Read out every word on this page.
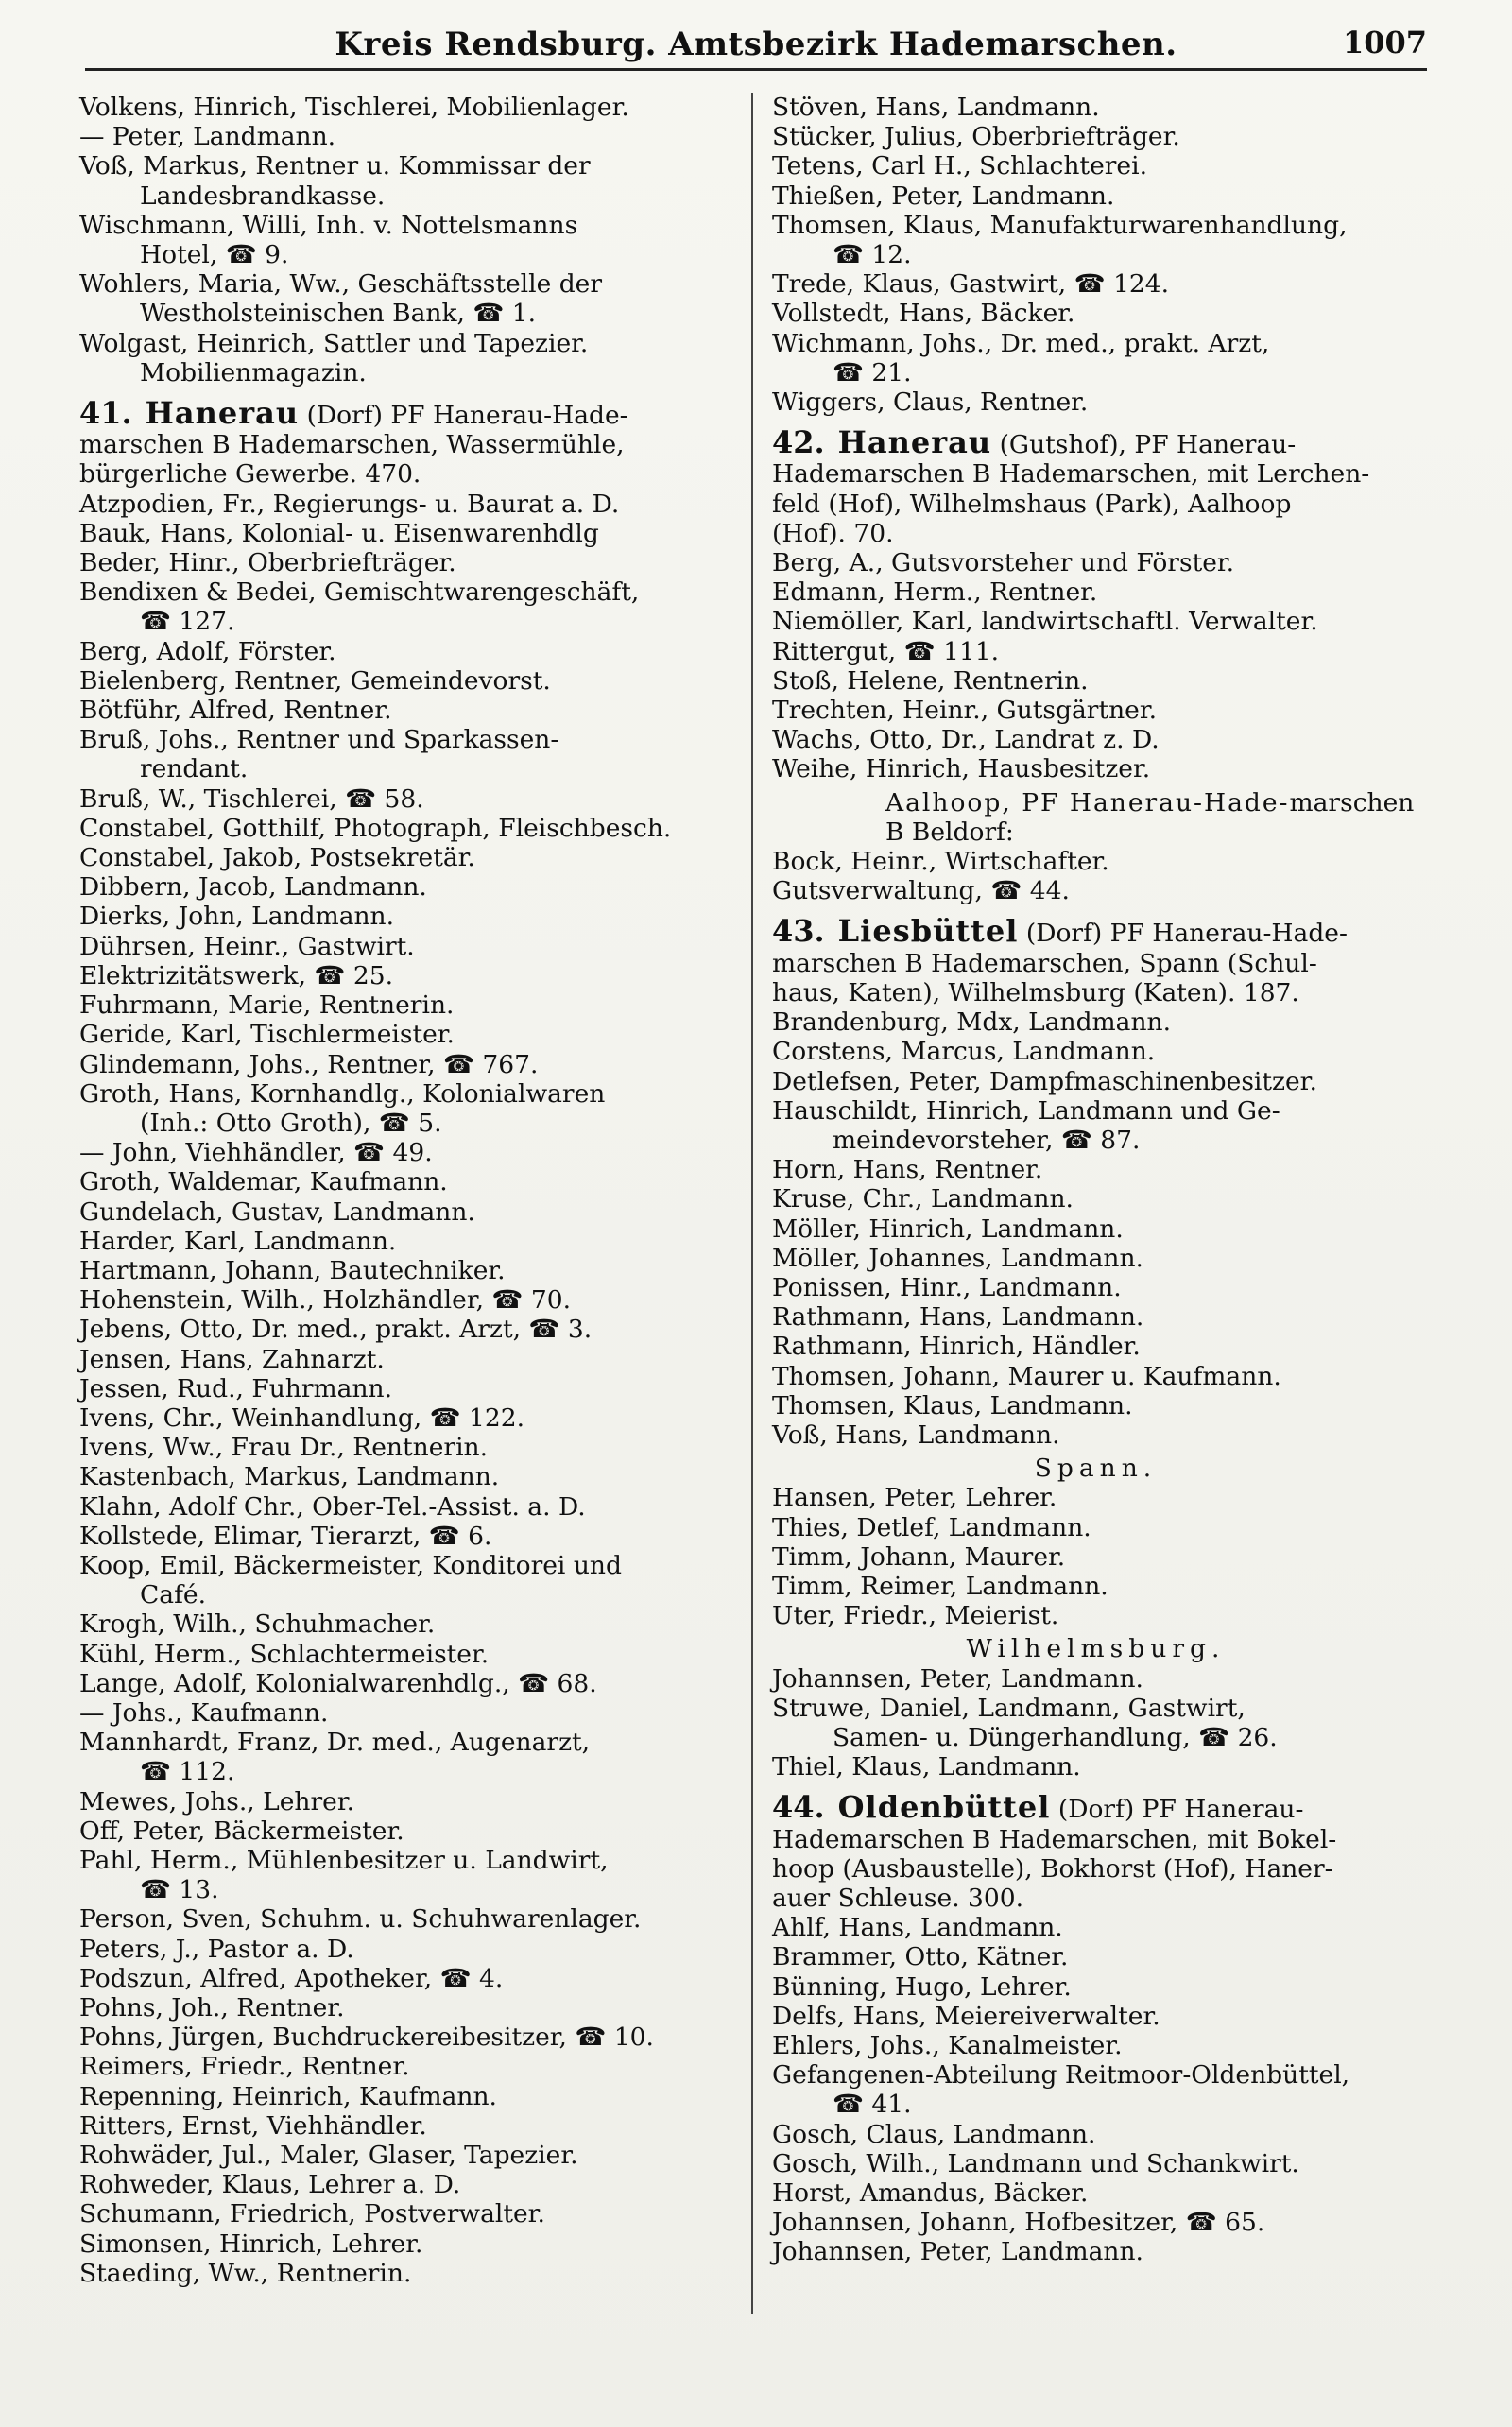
Kreis Rendsburg. Amtsbezirk Hademarschen.	1007
Volkens, Hinrich, Tischlerei, Mobilienlager.
— Peter, Landmann.
Voß, Markus, Rentner u. Kommissar der
Landesbrandkasse.
Wischmann, Willi, Inh. v. Nottelsmanns
Hotel, ☎ 9.
Wohlers, Maria, Ww., Geschäftsstelle der
Westholsteinischen Bank, ☎ 1.
Wolgast, Heinrich, Sattler und Tapezier.
Mobilienmagazin.
41. Hanerau (Dorf) PF Hanerau-Hade-
marschen B Hademarschen, Wassermühle,
bürgerliche Gewerbe. 470.
Atzpodien, Fr., Regierungs- u. Baurat a. D.
Bauk, Hans, Kolonial- u. Eisenwarenhdlg
Beder, Hinr., Oberbriefträger.
Bendixen & Bedei, Gemischtwarengeschäft,
☎ 127.
Berg, Adolf, Förster.
Bielenberg, Rentner, Gemeindevorst.
Bötführ, Alfred, Rentner.
Bruß, Johs., Rentner und Sparkassen-
rendant.
Bruß, W., Tischlerei, ☎ 58.
Constabel, Gotthilf, Photograph, Fleischbesch.
Constabel, Jakob, Postsekretär.
Dibbern, Jacob, Landmann.
Dierks, John, Landmann.
Dührsen, Heinr., Gastwirt.
Elektrizitätswerk, ☎ 25.
Fuhrmann, Marie, Rentnerin.
Geride, Karl, Tischlermeister.
Glindemann, Johs., Rentner, ☎ 767.
Groth, Hans, Kornhandlg., Kolonialwaren
(Inh.: Otto Groth), ☎ 5.
— John, Viehhändler, ☎ 49.
Groth, Waldemar, Kaufmann.
Gundelach, Gustav, Landmann.
Harder, Karl, Landmann.
Hartmann, Johann, Bautechniker.
Hohenstein, Wilh., Holzhändler, ☎ 70.
Jebens, Otto, Dr. med., prakt. Arzt, ☎ 3.
Jensen, Hans, Zahnarzt.
Jessen, Rud., Fuhrmann.
Ivens, Chr., Weinhandlung, ☎ 122.
Ivens, Ww., Frau Dr., Rentnerin.
Kastenbach, Markus, Landmann.
Klahn, Adolf Chr., Ober-Tel.-Assist. a. D.
Kollstede, Elimar, Tierarzt, ☎ 6.
Koop, Emil, Bäckermeister, Konditorei und
Café.
Krogh, Wilh., Schuhmacher.
Kühl, Herm., Schlachtermeister.
Lange, Adolf, Kolonialwarenhdlg., ☎ 68.
— Johs., Kaufmann.
Mannhardt, Franz, Dr. med., Augenarzt,
☎ 112.
Mewes, Johs., Lehrer.
Off, Peter, Bäckermeister.
Pahl, Herm., Mühlenbesitzer u. Landwirt,
☎ 13.
Person, Sven, Schuhm. u. Schuhwarenlager.
Peters, J., Pastor a. D.
Podszun, Alfred, Apotheker, ☎ 4.
Pohns, Joh., Rentner.
Pohns, Jürgen, Buchdruckereibesitzer, ☎ 10.
Reimers, Friedr., Rentner.
Repenning, Heinrich, Kaufmann.
Ritters, Ernst, Viehhändler.
Rohwäder, Jul., Maler, Glaser, Tapezier.
Rohweder, Klaus, Lehrer a. D.
Schumann, Friedrich, Postverwalter.
Simonsen, Hinrich, Lehrer.
Staeding, Ww., Rentnerin.
Stöven, Hans, Landmann.
Stücker, Julius, Oberbriefträger.
Tetens, Carl H., Schlachterei.
Thießen, Peter, Landmann.
Thomsen, Klaus, Manufakturwarenhandlung,
☎ 12.
Trede, Klaus, Gastwirt, ☎ 124.
Vollstedt, Hans, Bäcker.
Wichmann, Johs., Dr. med., prakt. Arzt,
☎ 21.
Wiggers, Claus, Rentner.
42. Hanerau (Gutshof), PF Hanerau-
Hademarschen B Hademarschen, mit Lerchen-
feld (Hof), Wilhelmshaus (Park), Aalhoop
(Hof). 70.
Berg, A., Gutsvorsteher und Förster.
Edmann, Herm., Rentner.
Niemöller, Karl, landwirtschaftl. Verwalter.
Rittergut, ☎ 111.
Stoß, Helene, Rentnerin.
Trechten, Heinr., Gutsgärtner.
Wachs, Otto, Dr., Landrat z. D.
Weihe, Hinrich, Hausbesitzer.
Aalhoop, PF Hanerau-Hade-marschen B Beldorf:
Bock, Heinr., Wirtschafter.
Gutsverwaltung, ☎ 44.
43. Liesbüttel (Dorf) PF Hanerau-Hade-
marschen B Hademarschen, Spann (Schul-
haus, Katen), Wilhelmsburg (Katen). 187.
Brandenburg, Mdx, Landmann.
Corstens, Marcus, Landmann.
Detlefsen, Peter, Dampfmaschinenbesitzer.
Hauschildt, Hinrich, Landmann und Ge-
meindevorsteher, ☎ 87.
Horn, Hans, Rentner.
Kruse, Chr., Landmann.
Möller, Hinrich, Landmann.
Möller, Johannes, Landmann.
Ponissen, Hinr., Landmann.
Rathmann, Hans, Landmann.
Rathmann, Hinrich, Händler.
Thomsen, Johann, Maurer u. Kaufmann.
Thomsen, Klaus, Landmann.
Voß, Hans, Landmann.
Spann.
Hansen, Peter, Lehrer.
Thies, Detlef, Landmann.
Timm, Johann, Maurer.
Timm, Reimer, Landmann.
Uter, Friedr., Meierist.
Wilhelmsburg.
Johannsen, Peter, Landmann.
Struwe, Daniel, Landmann, Gastwirt,
Samen- u. Düngerhandlung, ☎ 26.
Thiel, Klaus, Landmann.
44. Oldenbüttel (Dorf) PF Hanerau-
Hademarschen B Hademarschen, mit Bokel-
hoop (Ausbaustelle), Bokhorst (Hof), Haner-
auer Schleuse. 300.
Ahlf, Hans, Landmann.
Brammer, Otto, Kätner.
Bünning, Hugo, Lehrer.
Delfs, Hans, Meiereiverwalter.
Ehlers, Johs., Kanalmeister.
Gefangenen-Abteilung Reitmoor-Oldenbüttel,
☎ 41.
Gosch, Claus, Landmann.
Gosch, Wilh., Landmann und Schankwirt.
Horst, Amandus, Bäcker.
Johannsen, Johann, Hofbesitzer, ☎ 65.
Johannsen, Peter, Landmann.
